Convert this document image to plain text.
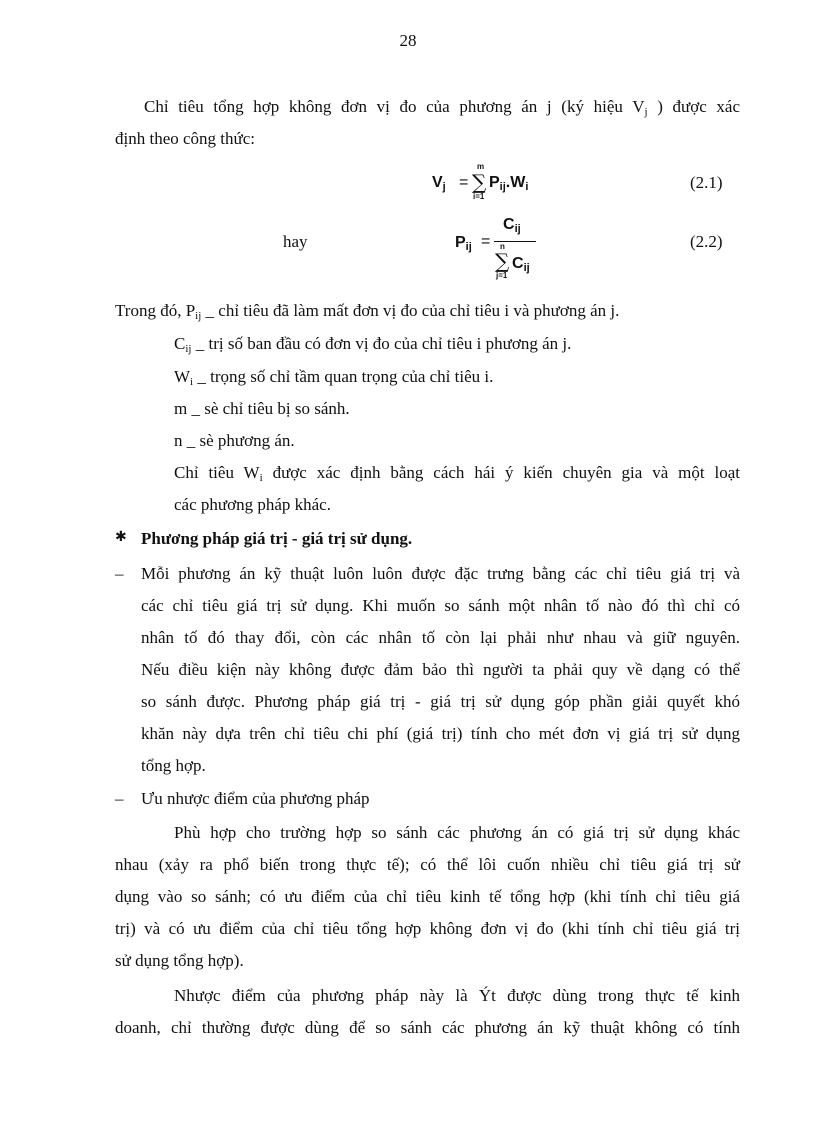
28
Chỉ tiêu tổng hợp không đơn vị đo của phương án j (ký hiệu $V_j$ ) được xác
định theo công thức:
$V_j$ =
m
∑
i=1
$P_{ij}.W_i$	(2.1)
hay	$P_{ij}$ =
$C_{ij}$
n
∑
j=1
$C_{ij}$
(2.2)
Trong đó, $P_{ij}$ _ chỉ tiêu đã làm mất đơn vị đo của chỉ tiêu i và phương án j.
$C_{ij}$ _ trị số ban đầu có đơn vị đo của chỉ tiêu i phương án j.
$W_i$ _ trọng số chỉ tầm quan trọng của chỉ tiêu i.
m _ sè chỉ tiêu bị so sánh.
n _ sè phương án.
Chỉ tiêu $W_i$ được xác định bằng cách hái ý kiến chuyên gia và một loạt
các phương pháp khác.
✱ Phương pháp giá trị - giá trị sử dụng.
– Mỗi phương án kỹ thuật luôn luôn được đặc trưng bằng các chỉ tiêu giá trị và
các chỉ tiêu giá trị sử dụng. Khi muốn so sánh một nhân tố nào đó thì chỉ có
nhân tố đó thay đổi, còn các nhân tố còn lại phải như nhau và giữ nguyên.
Nếu điều kiện này không được đảm bảo thì người ta phải quy về dạng có thể
so sánh được. Phương pháp giá trị - giá trị sử dụng góp phần giải quyết khó
khăn này dựa trên chỉ tiêu chi phí (giá trị) tính cho mét đơn vị giá trị sử dụng
tổng hợp.
– Ưu nhược điểm của phương pháp
Phù hợp cho trường hợp so sánh các phương án có giá trị sử dụng khác
nhau (xảy ra phổ biến trong thực tế); có thể lôi cuốn nhiều chỉ tiêu giá trị sử
dụng vào so sánh; có ưu điểm của chỉ tiêu kinh tế tổng hợp (khi tính chỉ tiêu giá
trị) và có ưu điểm của chỉ tiêu tổng hợp không đơn vị đo (khi tính chỉ tiêu giá trị
sử dụng tổng hợp).
Nhược điểm của phương pháp này là Ýt được dùng trong thực tế kinh
doanh, chỉ thường được dùng để so sánh các phương án kỹ thuật không có tính
